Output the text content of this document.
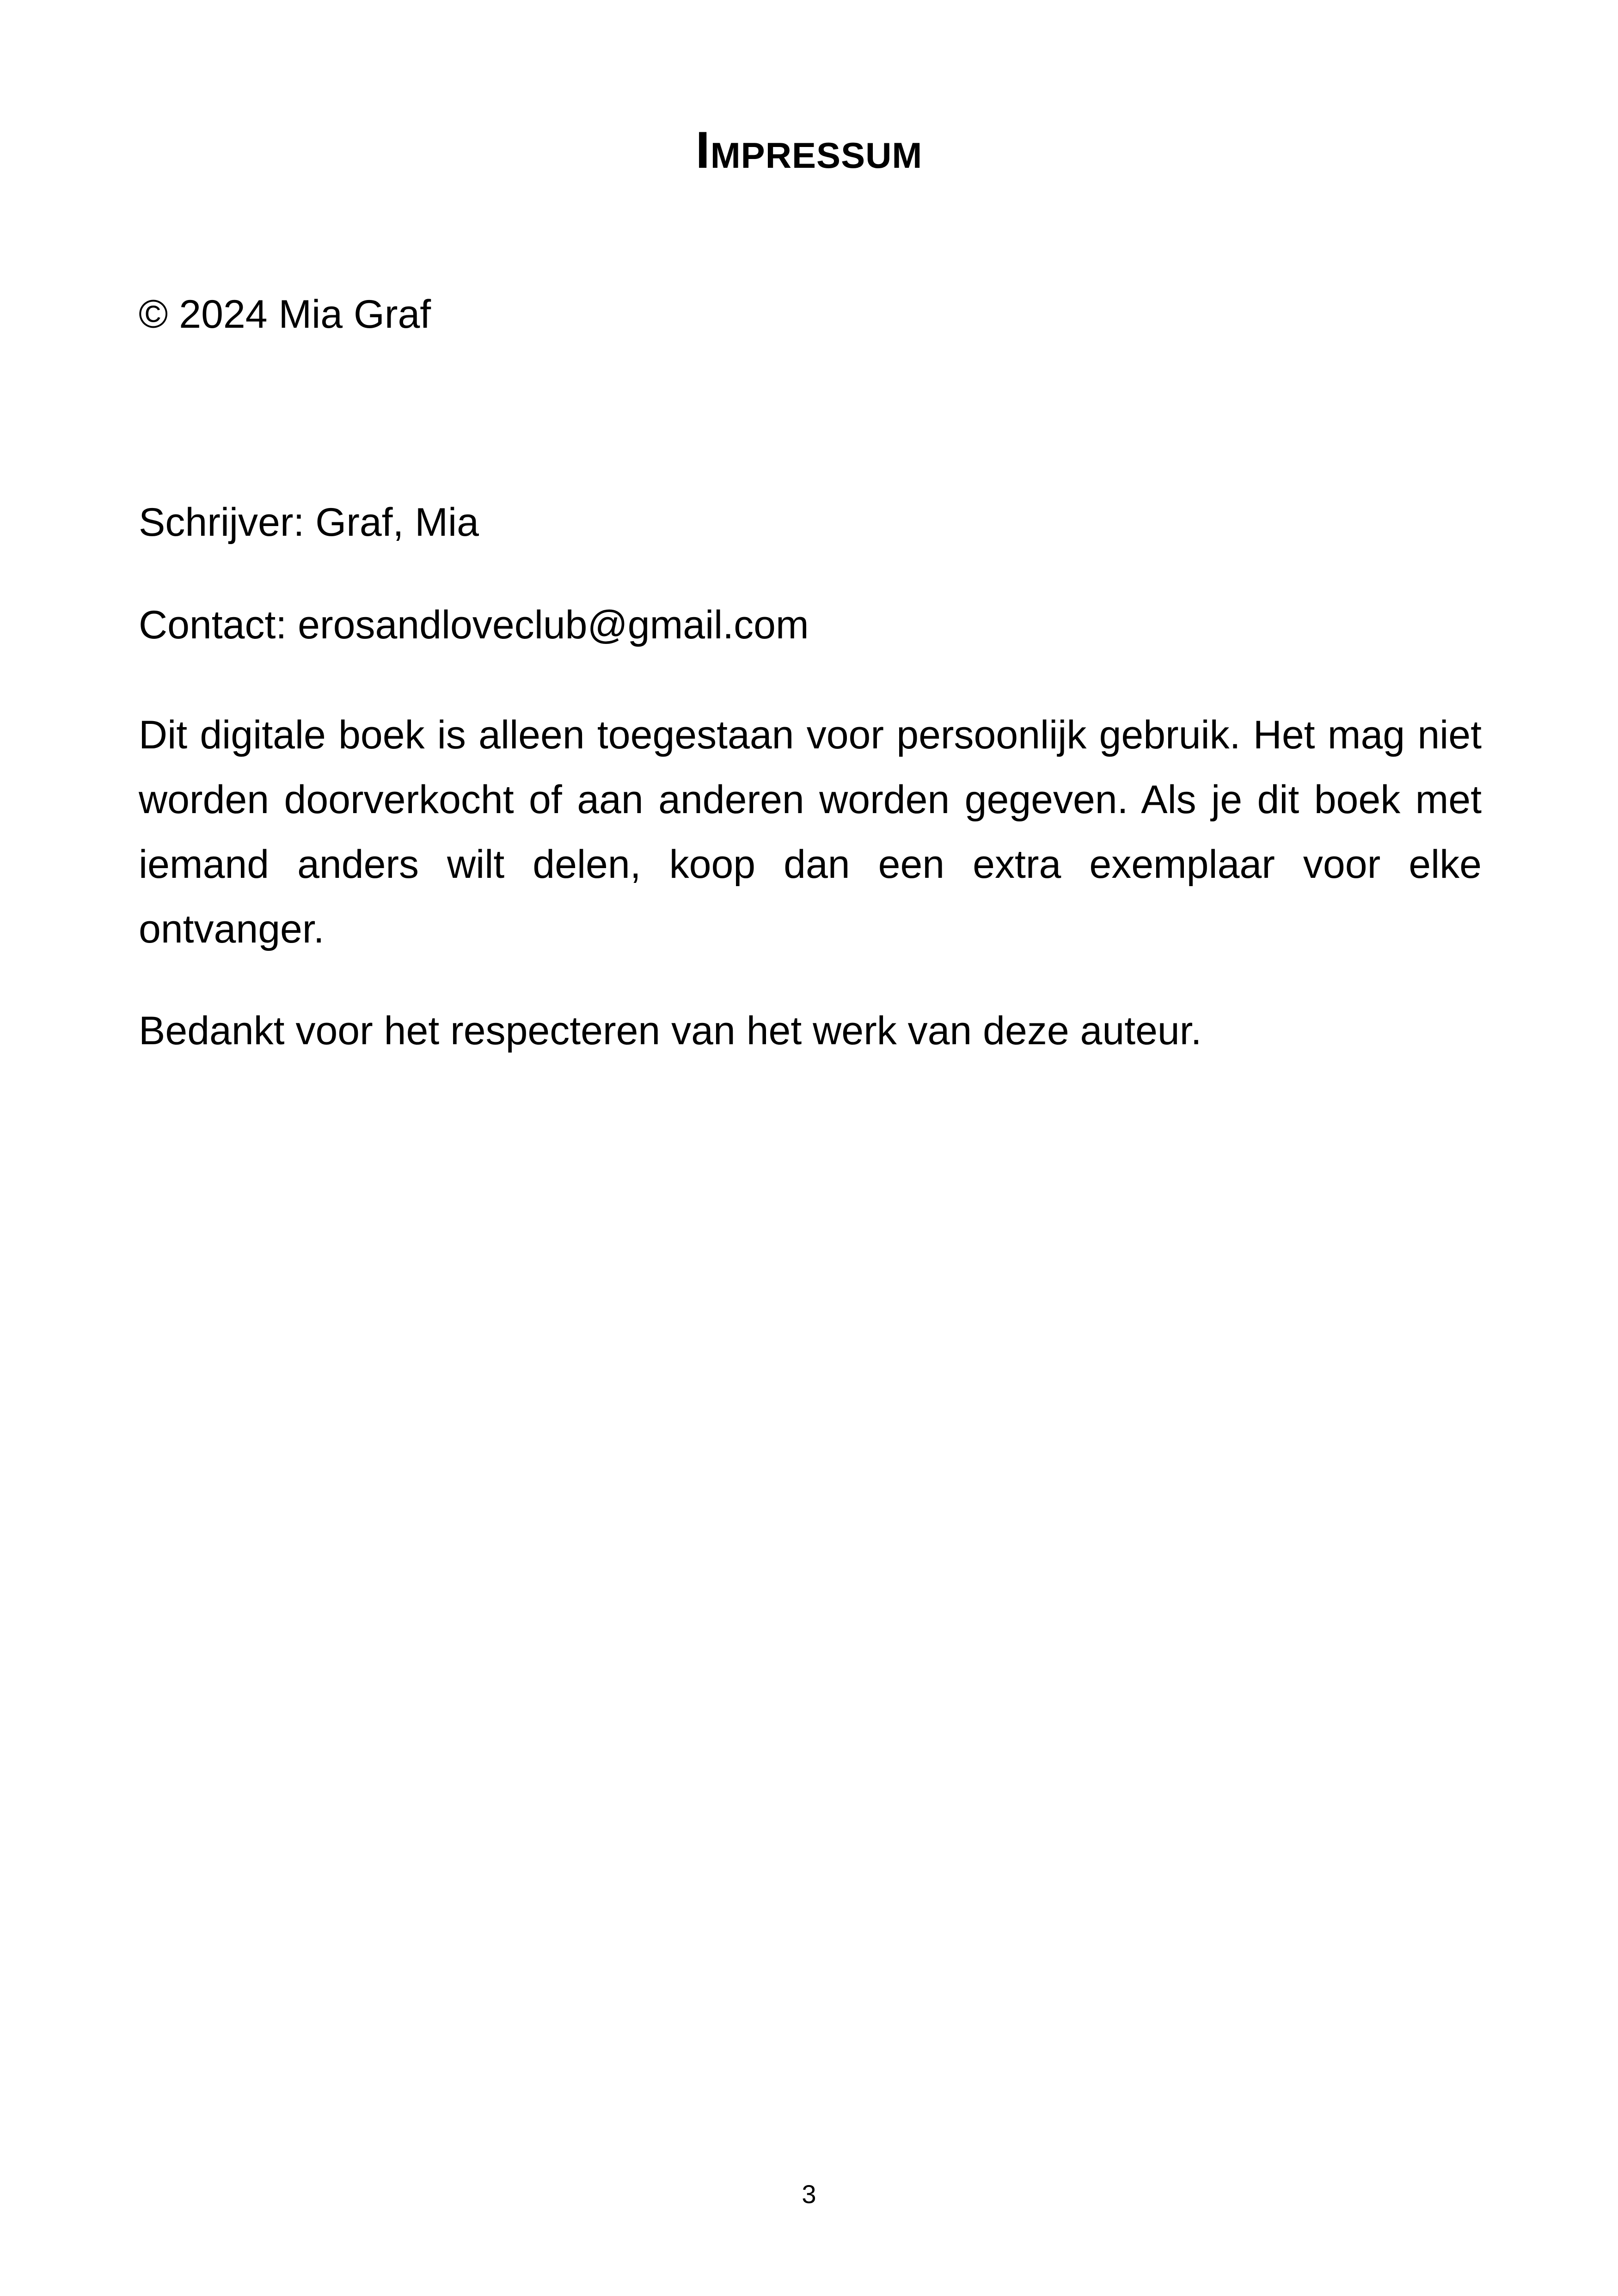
Impressum
© 2024 Mia Graf
Schrijver: Graf, Mia
Contact: erosandloveclub@gmail.com
Dit digitale boek is alleen toegestaan voor persoonlijk gebruik. Het mag niet worden doorverkocht of aan anderen worden gegeven. Als je dit boek met iemand anders wilt delen, koop dan een extra exemplaar voor elke ontvanger.
Bedankt voor het respecteren van het werk van deze auteur.
3
